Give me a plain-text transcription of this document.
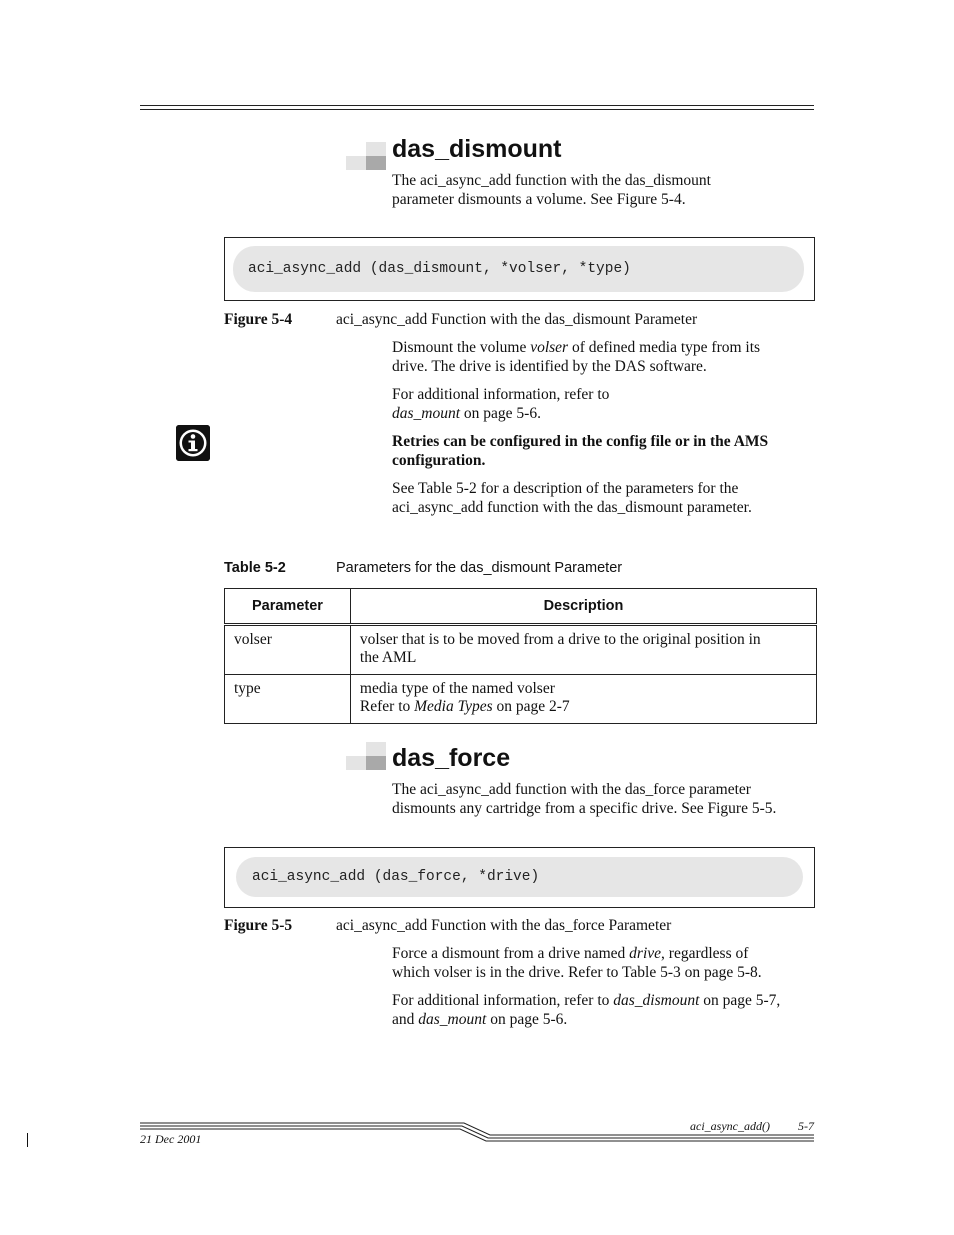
das_dismount
The aci_async_add function with the das_dismount
parameter dismounts a volume. See Figure 5-4.
aci_async_add (das_dismount, *volser, *type)
Figure 5-4	aci_async_add Function with the das_dismount Parameter

Dismount the volume volser of defined media type from its
drive. The drive is identified by the DAS software.

For additional information, refer to
das_mount on page 5-6.

Retries can be configured in the config file or in the AMS
configuration.

See Table 5-2 for a description of the parameters for the
aci_async_add function with the das_dismount parameter.

Table 5-2	Parameters for the das_dismount Parameter
Parameter	Description
volser	volser that is to be moved from a drive to the original position in
the AML
type	media type of the named volser
Refer to Media Types on page 2-7
das_force
The aci_async_add function with the das_force parameter
dismounts any cartridge from a specific drive. See Figure 5-5.
aci_async_add (das_force, *drive)
Figure 5-5	aci_async_add Function with the das_force Parameter

Force a dismount from a drive named drive, regardless of
which volser is in the drive. Refer to Table 5-3 on page 5-8.

For additional information, refer to das_dismount on page 5-7,
and das_mount on page 5-6.

aci_async_add() 5-7
21 Dec 2001
